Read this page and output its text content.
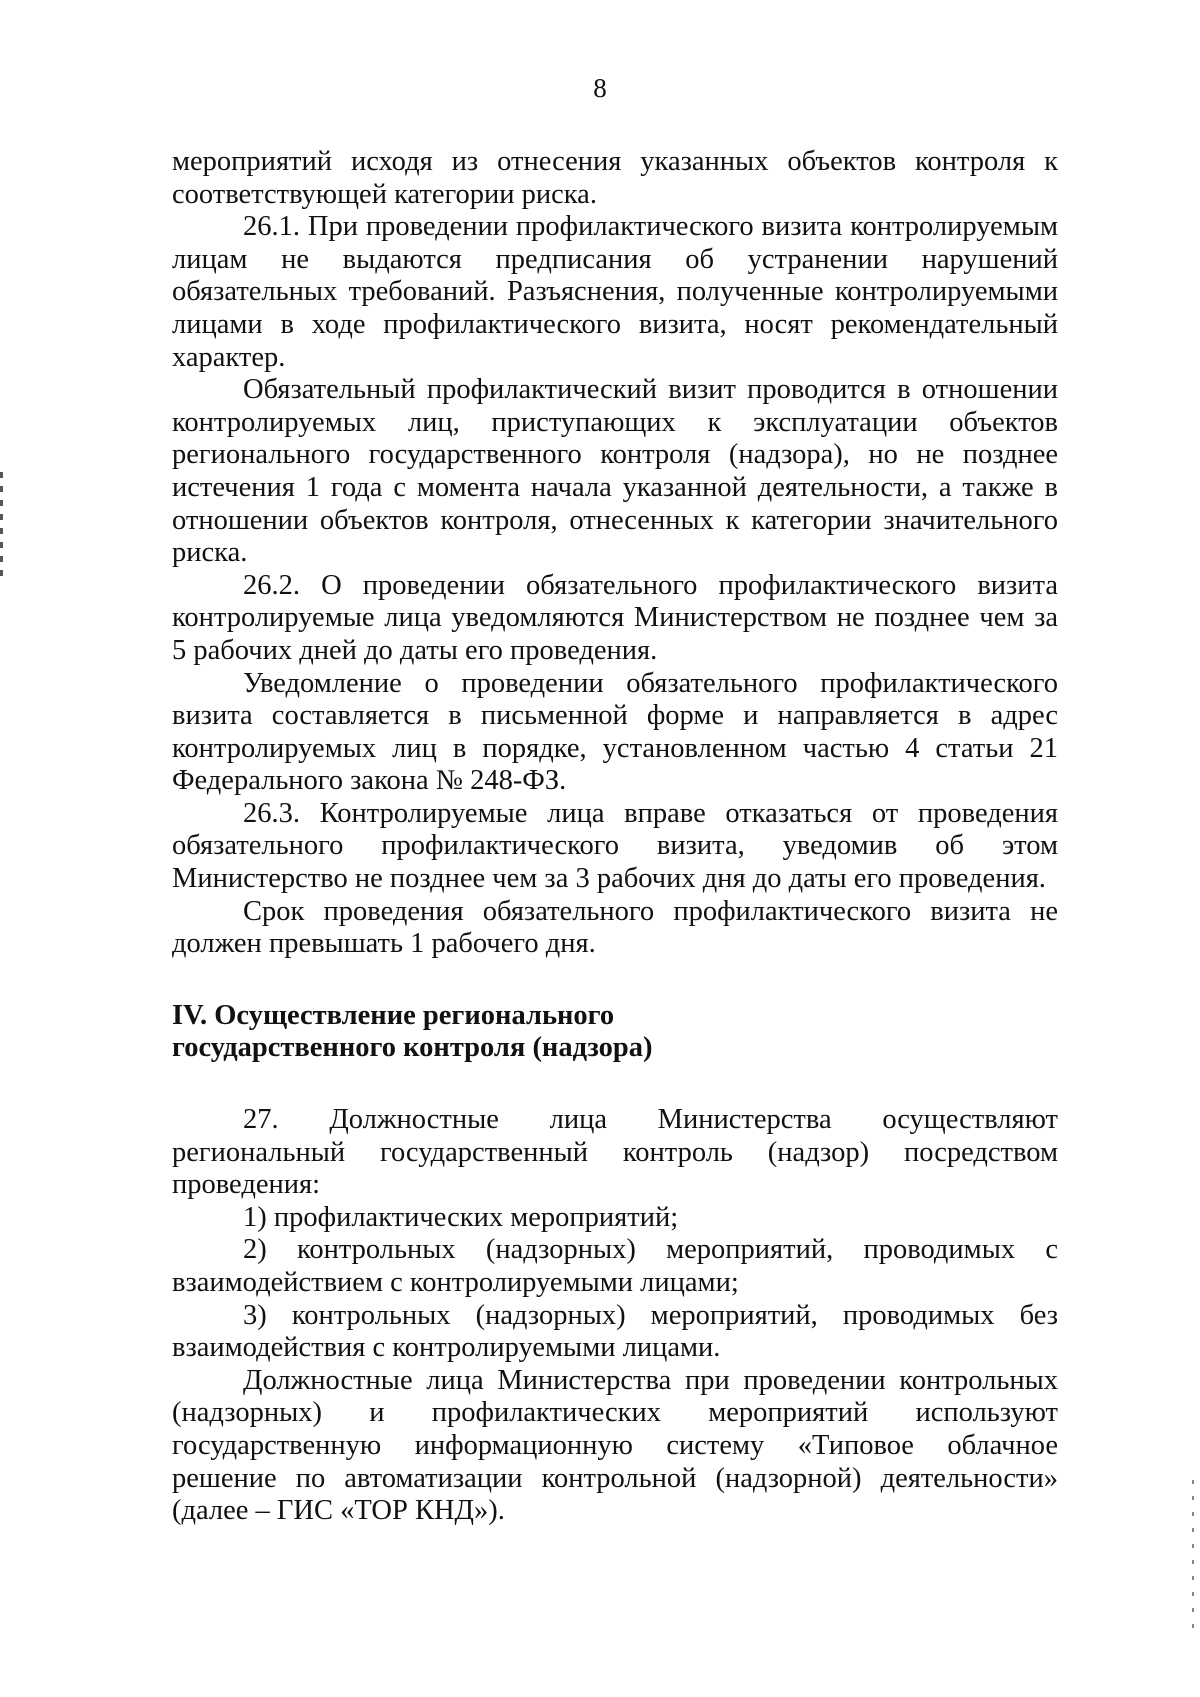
8

мероприятий исходя из отнесения указанных объектов контроля к соответствующей категории риска.

26.1. При проведении профилактического визита контролируемым лицам не выдаются предписания об устранении нарушений обязательных требований. Разъяснения, полученные контролируемыми лицами в ходе профилактического визита, носят рекомендательный характер.

Обязательный профилактический визит проводится в отношении контролируемых лиц, приступающих к эксплуатации объектов регионального государственного контроля (надзора), но не позднее истечения 1 года с момента начала указанной деятельности, а также в отношении объектов контроля, отнесенных к категории значительного риска.

26.2. О проведении обязательного профилактического визита контролируемые лица уведомляются Министерством не позднее чем за 5 рабочих дней до даты его проведения.

Уведомление о проведении обязательного профилактического визита составляется в письменной форме и направляется в адрес контролируемых лиц в порядке, установленном частью 4 статьи 21 Федерального закона № 248-ФЗ.

26.3. Контролируемые лица вправе отказаться от проведения обязательного профилактического визита, уведомив об этом Министерство не позднее чем за 3 рабочих дня до даты его проведения.

Срок проведения обязательного профилактического визита не должен превышать 1 рабочего дня.

IV. Осуществление регионального
государственного контроля (надзора)

27. Должностные лица Министерства осуществляют региональный государственный контроль (надзор) посредством проведения:

1) профилактических мероприятий;

2) контрольных (надзорных) мероприятий, проводимых с взаимодействием с контролируемыми лицами;

3) контрольных (надзорных) мероприятий, проводимых без взаимодействия с контролируемыми лицами.

Должностные лица Министерства при проведении контрольных (надзорных) и профилактических мероприятий используют государственную информационную систему «Типовое облачное решение по автоматизации контрольной (надзорной) деятельности» (далее – ГИС «ТОР КНД»).
